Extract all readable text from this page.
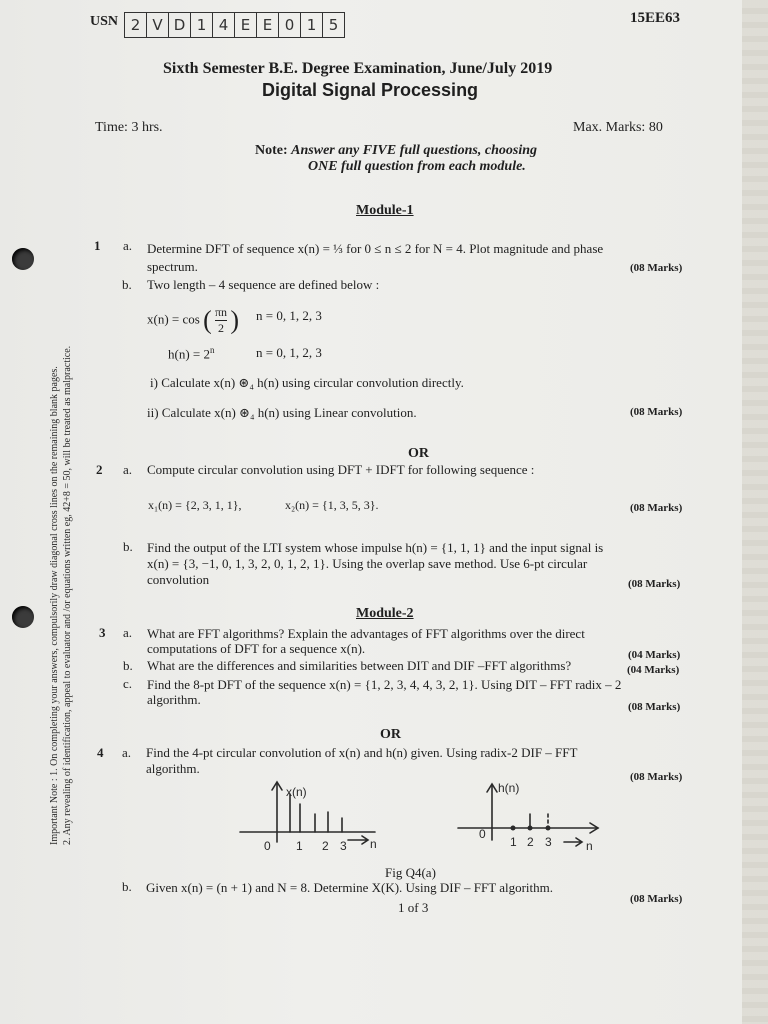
USN 2 V D 1 4 E E 0 1 5	15EE63
Sixth Semester B.E. Degree Examination, June/July 2019
Digital Signal Processing
Time: 3 hrs.	Max. Marks: 80
Note: Answer any FIVE full questions, choosing
ONE full question from each module.
Important Note : 1. On completing your answers, compulsorily draw diagonal cross lines on the remaining blank pages. 2. Any revealing of identification, appeal to evaluator and /or equations written eg, 42+8 = 50, will be treated as malpractice.
Module-1
1 a. Determine DFT of sequence x(n) = ⅓ for 0 ≤ n ≤ 2 for N = 4. Plot magnitude and phase
spectrum.	(08 Marks)
b. Two length – 4 sequence are defined below :
x(n) = cos ( $\frac{\pi n}{2}$ ) n = 0, 1, 2, 3
$h(n) = 2^n$	n = 0, 1, 2, 3
i) Calculate x(n) ⊛₄ h(n) using circular convolution directly.
ii) Calculate x(n) ⊛₄ h(n) using Linear convolution.	(08 Marks)
OR
2 a. Compute circular convolution using DFT + IDFT for following sequence :
x₁(n) = {2, 3, 1, 1},	x₂(n) = {1, 3, 5, 3}.	(08 Marks)
b. Find the output of the LTI system whose impulse h(n) = {1, 1, 1} and the input signal is
x(n) = {3, −1, 0, 1, 3, 2, 0, 1, 2, 1}. Using the overlap save method. Use 6-pt circular
convolution	(08 Marks)
Module-2
3 a. What are FFT algorithms? Explain the advantages of FFT algorithms over the direct
computations of DFT for a sequence x(n).	(04 Marks)
b. What are the differences and similarities between DIT and DIF –FFT algorithms?	(04 Marks)
c. Find the 8-pt DFT of the sequence x(n) = {1, 2, 3, 4, 4, 3, 2, 1}. Using DIT – FFT radix – 2
algorithm.	(08 Marks)
OR
4 a. Find the 4-pt circular convolution of x(n) and h(n) given. Using radix-2 DIF – FFT
algorithm.
(08 Marks)
x(n)	h(n)
0 1 2 3 n
0
1 2 3	n
Fig Q4(a)
b. Given x(n) = (n + 1) and N = 8. Determine X(K). Using DIF – FFT algorithm.
(08 Marks)
1 of 3
